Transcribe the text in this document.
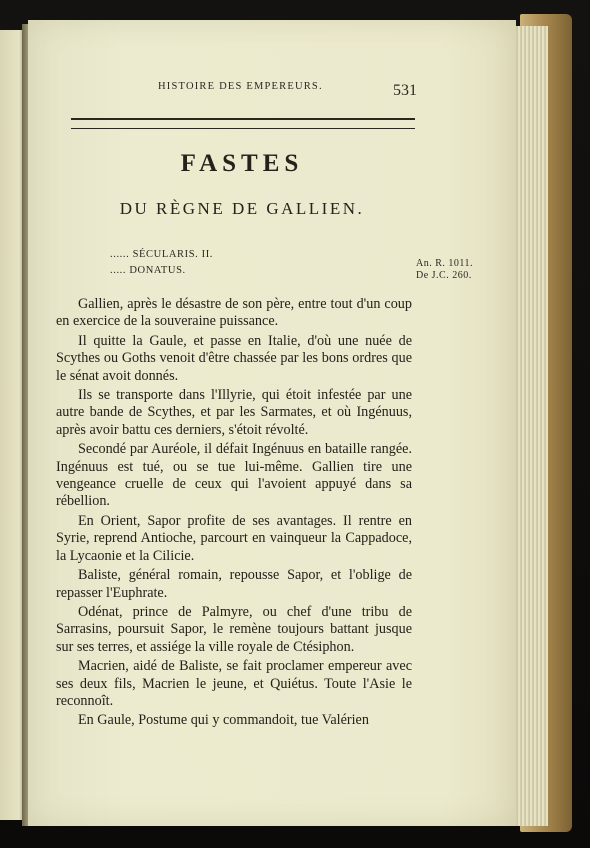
HISTOIRE DES EMPEREURS.	531
FASTES
DU RÈGNE DE GALLIEN.
...... SÉCULARIS. II.
..... DONATUS.
An. R. 1011.
De J.C. 260.

Gallien, après le désastre de son père, entre tout d'un coup en exercice de la souveraine puissance.

Il quitte la Gaule, et passe en Italie, d'où une nuée de Scythes ou Goths venoit d'être chassée par les bons ordres que le sénat avoit donnés.

Ils se transporte dans l'Illyrie, qui étoit infestée par une autre bande de Scythes, et par les Sarmates, et où Ingénuus, après avoir battu ces derniers, s'étoit révolté.

Secondé par Auréole, il défait Ingénuus en bataille rangée. Ingénuus est tué, ou se tue lui-même. Gallien tire une vengeance cruelle de ceux qui l'avoient appuyé dans sa rébellion.

En Orient, Sapor profite de ses avantages. Il rentre en Syrie, reprend Antioche, parcourt en vainqueur la Cappadoce, la Lycaonie et la Cilicie.

Baliste, général romain, repousse Sapor, et l'oblige de repasser l'Euphrate.

Odénat, prince de Palmyre, ou chef d'une tribu de Sarrasins, poursuit Sapor, le remène toujours battant jusque sur ses terres, et assiége la ville royale de Ctésiphon.

Macrien, aidé de Baliste, se fait proclamer empereur avec ses deux fils, Macrien le jeune, et Quiétus. Toute l'Asie le reconnoît.

En Gaule, Postume qui y commandoit, tue Valérien
